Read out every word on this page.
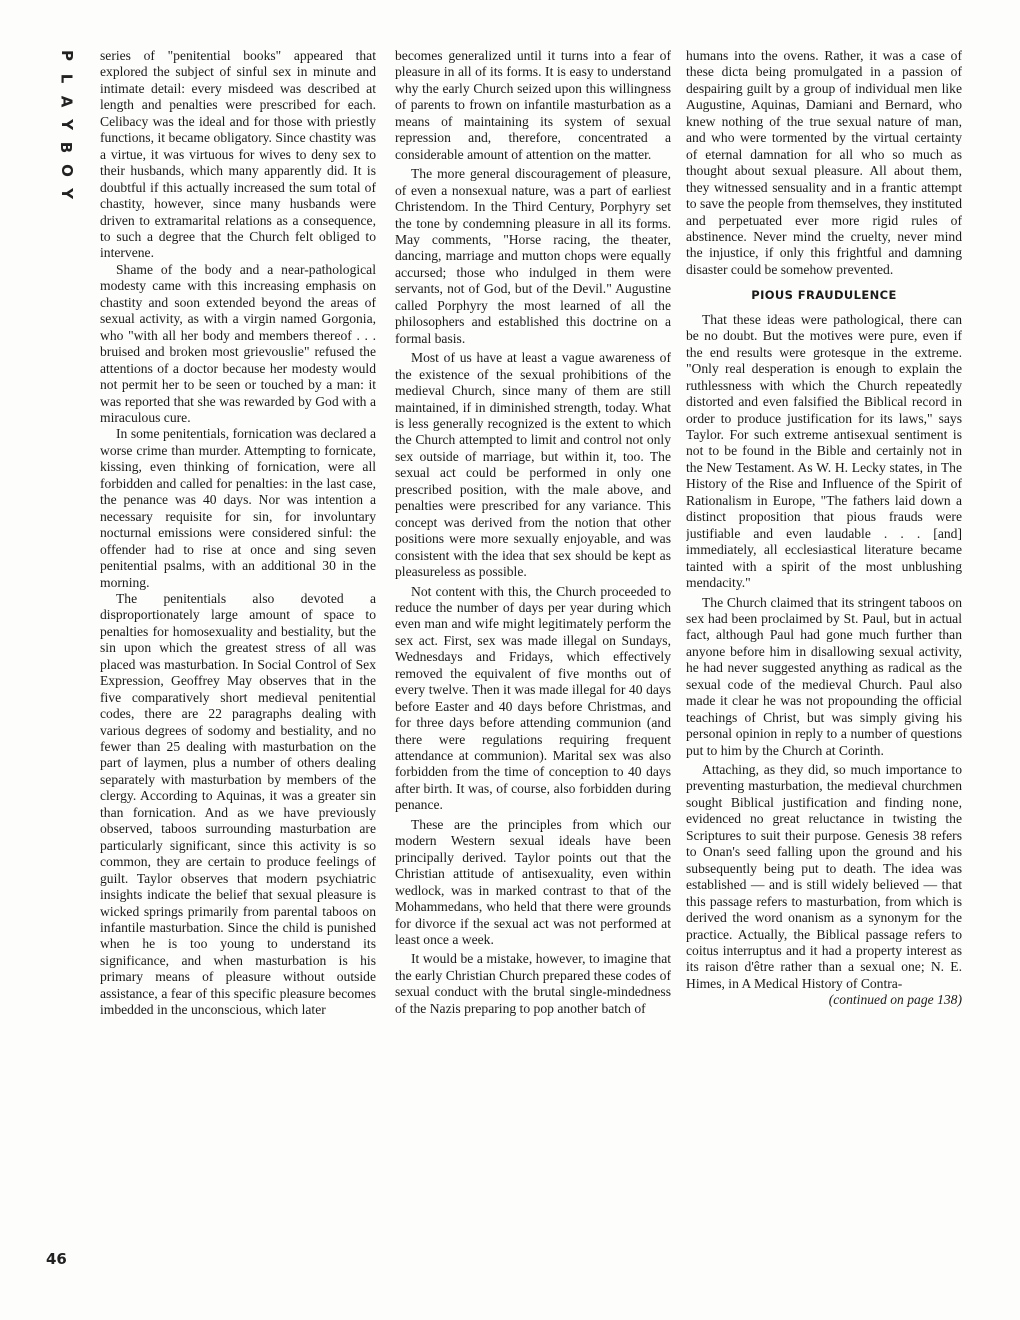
P
L
A
Y
B
O
Y
46

series of "penitential books" appeared that explored the subject of sinful sex in minute and intimate detail: every misdeed was described at length and penalties were prescribed for each. Celibacy was the ideal and for those with priestly functions, it became obligatory. Since chastity was a virtue, it was virtuous for wives to deny sex to their husbands, which many apparently did. It is doubtful if this actually increased the sum total of chastity, however, since many husbands were driven to extramarital relations as a consequence, to such a degree that the Church felt obliged to intervene.

Shame of the body and a near-pathological modesty came with this increasing emphasis on chastity and soon extended beyond the areas of sexual activity, as with a virgin named Gorgonia, who "with all her body and members thereof . . . bruised and broken most grievouslie" refused the attentions of a doctor because her modesty would not permit her to be seen or touched by a man: it was reported that she was rewarded by God with a miraculous cure.

In some penitentials, fornication was declared a worse crime than murder. Attempting to fornicate, kissing, even thinking of fornication, were all forbidden and called for penalties: in the last case, the penance was 40 days. Nor was intention a necessary requisite for sin, for involuntary nocturnal emissions were considered sinful: the offender had to rise at once and sing seven penitential psalms, with an additional 30 in the morning.

The penitentials also devoted a disproportionately large amount of space to penalties for homosexuality and bestiality, but the sin upon which the greatest stress of all was placed was masturbation. In Social Control of Sex Expression, Geoffrey May observes that in the five comparatively short medieval penitential codes, there are 22 paragraphs dealing with various degrees of sodomy and bestiality, and no fewer than 25 dealing with masturbation on the part of laymen, plus a number of others dealing separately with masturbation by members of the clergy. According to Aquinas, it was a greater sin than fornication. And as we have previously observed, taboos surrounding masturbation are particularly significant, since this activity is so common, they are certain to produce feelings of guilt. Taylor observes that modern psychiatric insights indicate the belief that sexual pleasure is wicked springs primarily from parental taboos on infantile masturbation. Since the child is punished when he is too young to understand its significance, and when masturbation is his primary means of pleasure without outside assistance, a fear of this specific pleasure becomes imbedded in the unconscious, which later

becomes generalized until it turns into a fear of pleasure in all of its forms. It is easy to understand why the early Church seized upon this willingness of parents to frown on infantile masturbation as a means of maintaining its system of sexual repression and, therefore, concentrated a considerable amount of attention on the matter.

The more general discouragement of pleasure, of even a nonsexual nature, was a part of earliest Christendom. In the Third Century, Porphyry set the tone by condemning pleasure in all its forms. May comments, "Horse racing, the theater, dancing, marriage and mutton chops were equally accursed; those who indulged in them were servants, not of God, but of the Devil." Augustine called Porphyry the most learned of all the philosophers and established this doctrine on a formal basis.

Most of us have at least a vague awareness of the existence of the sexual prohibitions of the medieval Church, since many of them are still maintained, if in diminished strength, today. What is less generally recognized is the extent to which the Church attempted to limit and control not only sex outside of marriage, but within it, too. The sexual act could be performed in only one prescribed position, with the male above, and penalties were prescribed for any variance. This concept was derived from the notion that other positions were more sexually enjoyable, and was consistent with the idea that sex should be kept as pleasureless as possible.

Not content with this, the Church proceeded to reduce the number of days per year during which even man and wife might legitimately perform the sex act. First, sex was made illegal on Sundays, Wednesdays and Fridays, which effectively removed the equivalent of five months out of every twelve. Then it was made illegal for 40 days before Easter and 40 days before Christmas, and for three days before attending communion (and there were regulations requiring frequent attendance at communion). Marital sex was also forbidden from the time of conception to 40 days after birth. It was, of course, also forbidden during penance.

These are the principles from which our modern Western sexual ideals have been principally derived. Taylor points out that the Christian attitude of antisexuality, even within wedlock, was in marked contrast to that of the Mohammedans, who held that there were grounds for divorce if the sexual act was not performed at least once a week.

It would be a mistake, however, to imagine that the early Christian Church prepared these codes of sexual conduct with the brutal single-mindedness of the Nazis preparing to pop another batch of

humans into the ovens. Rather, it was a case of these dicta being promulgated in a passion of despairing guilt by a group of individual men like Augustine, Aquinas, Damiani and Bernard, who knew nothing of the true sexual nature of man, and who were tormented by the virtual certainty of eternal damnation for all who so much as thought about sexual pleasure. All about them, they witnessed sensuality and in a frantic attempt to save the people from themselves, they instituted and perpetuated ever more rigid rules of abstinence. Never mind the cruelty, never mind the injustice, if only this frightful and damning disaster could be somehow prevented.

PIOUS FRAUDULENCE

That these ideas were pathological, there can be no doubt. But the motives were pure, even if the end results were grotesque in the extreme. "Only real desperation is enough to explain the ruthlessness with which the Church repeatedly distorted and even falsified the Biblical record in order to produce justification for its laws," says Taylor. For such extreme antisexual sentiment is not to be found in the Bible and certainly not in the New Testament. As W. H. Lecky states, in The History of the Rise and Influence of the Spirit of Rationalism in Europe, "The fathers laid down a distinct proposition that pious frauds were justifiable and even laudable . . . [and] immediately, all ecclesiastical literature became tainted with a spirit of the most unblushing mendacity."

The Church claimed that its stringent taboos on sex had been proclaimed by St. Paul, but in actual fact, although Paul had gone much further than anyone before him in disallowing sexual activity, he had never suggested anything as radical as the sexual code of the medieval Church. Paul also made it clear he was not propounding the official teachings of Christ, but was simply giving his personal opinion in reply to a number of questions put to him by the Church at Corinth.

Attaching, as they did, so much importance to preventing masturbation, the medieval churchmen sought Biblical justification and finding none, evidenced no great reluctance in twisting the Scriptures to suit their purpose. Genesis 38 refers to Onan's seed falling upon the ground and his subsequently being put to death. The idea was established — and is still widely believed — that this passage refers to masturbation, from which is derived the word onanism as a synonym for the practice. Actually, the Biblical passage refers to coitus interruptus and it had a property interest as its raison d'être rather than a sexual one; N. E. Himes, in A Medical History of Contra-

(continued on page 138)
